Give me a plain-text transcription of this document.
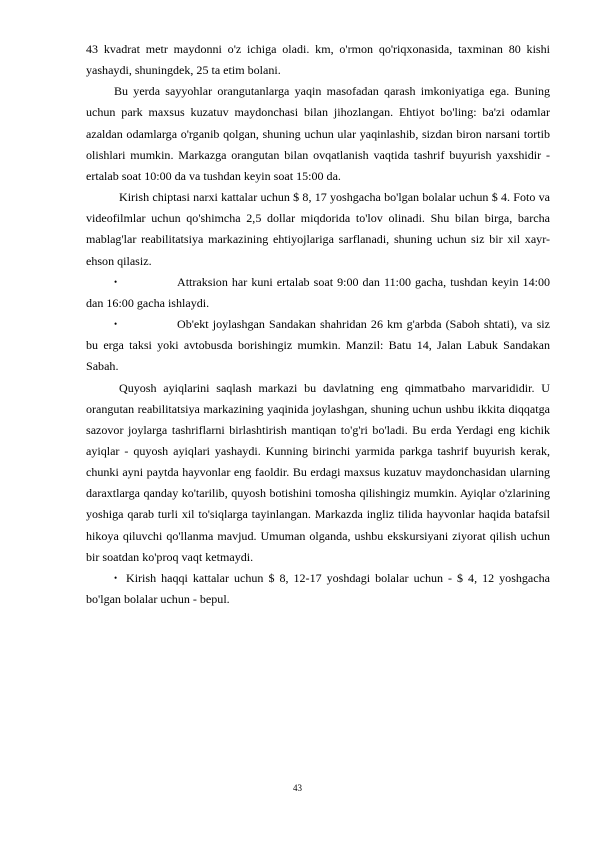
43 kvadrat metr maydonni o'z ichiga oladi. km, o'rmon qo'riqxonasida, taxminan 80 kishi yashaydi, shuningdek, 25 ta etim bolani.

Bu yerda sayyohlar orangutanlarga yaqin masofadan qarash imkoniyatiga ega. Buning uchun park maxsus kuzatuv maydonchasi bilan jihozlangan. Ehtiyot bo'ling: ba'zi odamlar azaldan odamlarga o'rganib qolgan, shuning uchun ular yaqinlashib, sizdan biron narsani tortib olishlari mumkin. Markazga orangutan bilan ovqatlanish vaqtida tashrif buyurish yaxshidir - ertalab soat 10:00 da va tushdan keyin soat 15:00 da.

Kirish chiptasi narxi kattalar uchun $ 8, 17 yoshgacha bo'lgan bolalar uchun $ 4. Foto va videofilmlar uchun qo'shimcha 2,5 dollar miqdorida to'lov olinadi. Shu bilan birga, barcha mablag'lar reabilitatsiya markazining ehtiyojlariga sarflanadi, shuning uchun siz bir xil xayr-ehson qilasiz.

•	Attraksion har kuni ertalab soat 9:00 dan 11:00 gacha, tushdan keyin 14:00 dan 16:00 gacha ishlaydi.

•	Ob'ekt joylashgan Sandakan shahridan 26 km g'arbda (Saboh shtati), va siz bu erga taksi yoki avtobusda borishingiz mumkin. Manzil: Batu 14, Jalan Labuk Sandakan Sabah.

Quyosh ayiqlarini saqlash markazi bu davlatning eng qimmatbaho marvarididir. U orangutan reabilitatsiya markazining yaqinida joylashgan, shuning uchun ushbu ikkita diqqatga sazovor joylarga tashriflarni birlashtirish mantiqan to'g'ri bo'ladi. Bu erda Yerdagi eng kichik ayiqlar - quyosh ayiqlari yashaydi. Kunning birinchi yarmida parkga tashrif buyurish kerak, chunki ayni paytda hayvonlar eng faoldir. Bu erdagi maxsus kuzatuv maydonchasidan ularning daraxtlarga qanday ko'tarilib, quyosh botishini tomosha qilishingiz mumkin. Ayiqlar o'zlarining yoshiga qarab turli xil to'siqlarga tayinlangan. Markazda ingliz tilida hayvonlar haqida batafsil hikoya qiluvchi qo'llanma mavjud. Umuman olganda, ushbu ekskursiyani ziyorat qilish uchun bir soatdan ko'proq vaqt ketmaydi.

• Kirish haqqi kattalar uchun $ 8, 12-17 yoshdagi bolalar uchun - $ 4, 12 yoshgacha bo'lgan bolalar uchun - bepul.

43
